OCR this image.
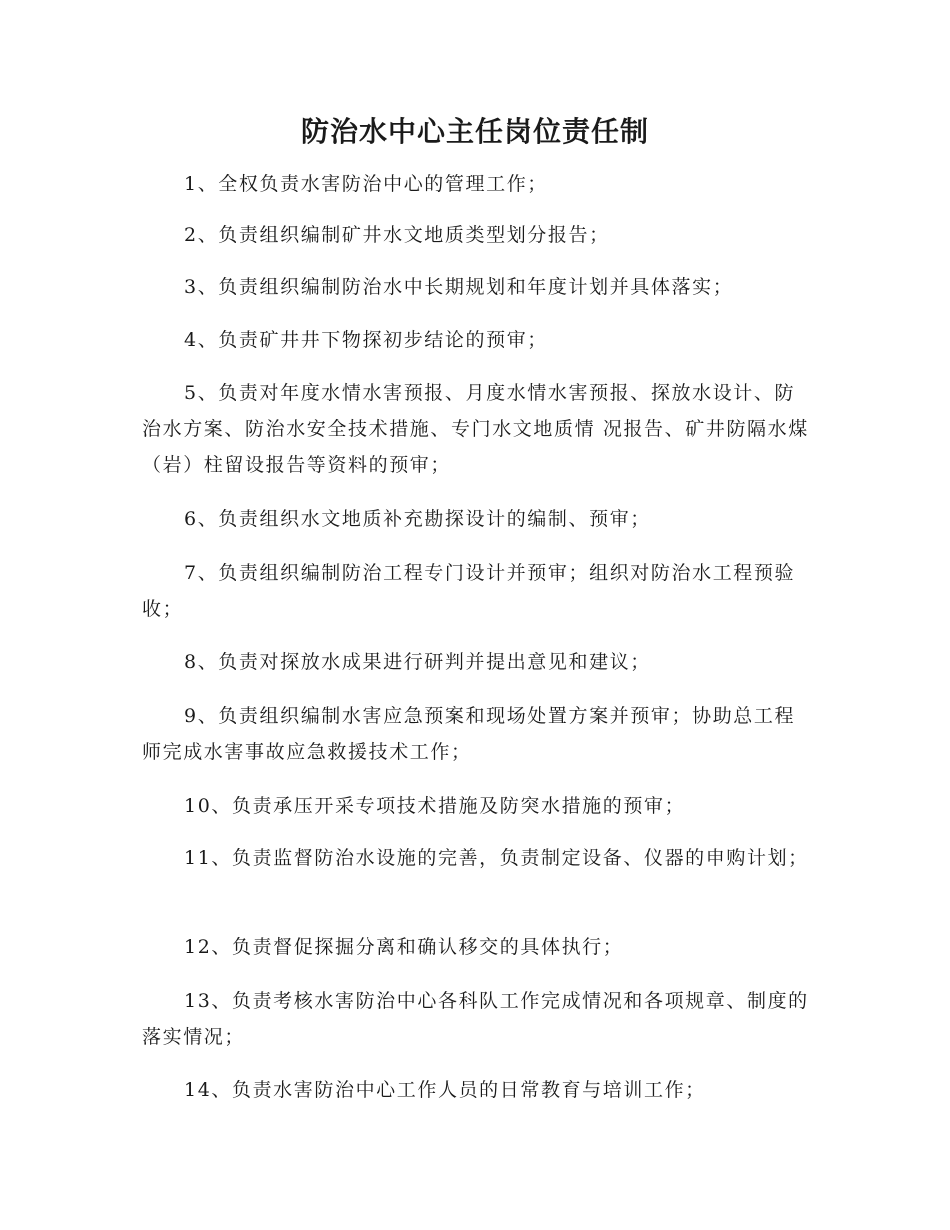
防治水中心主任岗位责任制

1、全权负责水害防治中心的管理工作；

2、负责组织编制矿井水文地质类型划分报告；

3、负责组织编制防治水中长期规划和年度计划并具体落实；

4、负责矿井井下物探初步结论的预审；

5、负责对年度水情水害预报、月度水情水害预报、探放水设计、防治水方案、防治水安全技术措施、专门水文地质情 况报告、矿井防隔水煤（岩）柱留设报告等资料的预审；

6、负责组织水文地质补充勘探设计的编制、预审；

7、负责组织编制防治工程专门设计并预审；组织对防治水工程预验收；

8、负责对探放水成果进行研判并提出意见和建议；

9、负责组织编制水害应急预案和现场处置方案并预审；协助总工程师完成水害事故应急救援技术工作；

10、负责承压开采专项技术措施及防突水措施的预审；

11、负责监督防治水设施的完善，负责制定设备、仪器的申购计划；

12、负责督促探掘分离和确认移交的具体执行；

13、负责考核水害防治中心各科队工作完成情况和各项规章、制度的落实情况；

14、负责水害防治中心工作人员的日常教育与培训工作；
